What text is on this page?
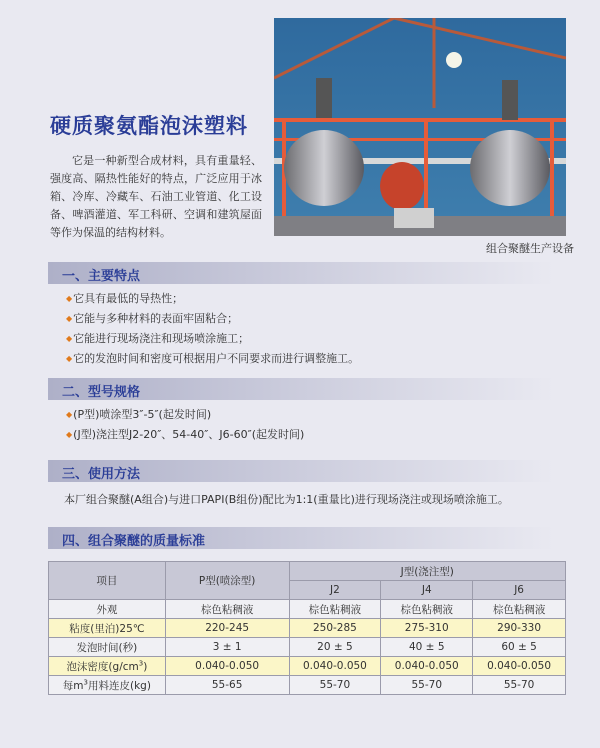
硬质聚氨酯泡沫塑料
它是一种新型合成材料，具有重量轻、强度高、隔热性能好的特点，广泛应用于冰箱、冷库、冷藏车、石油工业管道、化工设备、啤酒灌道、军工科研、空调和建筑屋面等作为保温的结构材料。
组合聚醚生产设备
一、主要特点
◆ 它具有最低的导热性；
◆ 它能与多种材料的表面牢固粘合；
◆ 它能进行现场浇注和现场喷涂施工；
◆ 它的发泡时间和密度可根据用户不同要求而进行调整施工。
二、型号规格
◆ (P型)喷涂型3″-5″(起发时间)
◆ (J型)浇注型J2-20″、54-40″、J6-60″(起发时间)
三、使用方法
本厂组合聚醚(A组合)与进口PAPI(B组份)配比为1:1(重量比)进行现场浇注或现场喷涂施工。
四、组合聚醚的质量标准
项目	P型(喷涂型)	J型(浇注型)		
		J2	J4	J6
外观	棕色粘稠液	棕色粘稠液	棕色粘稠液	棕色粘稠液
粘度(里泊)25℃	220-245	250-285	275-310	290-330
发泡时间(秒)	3 ± 1	20 ± 5	40 ± 5	60 ± 5
泡沫密度$(g/cm^3)$	0.040-0.050	0.040-0.050	0.040-0.050	0.040-0.050
每$m^3$用料连皮(kg)	55-65	55-70	55-70	55-70
